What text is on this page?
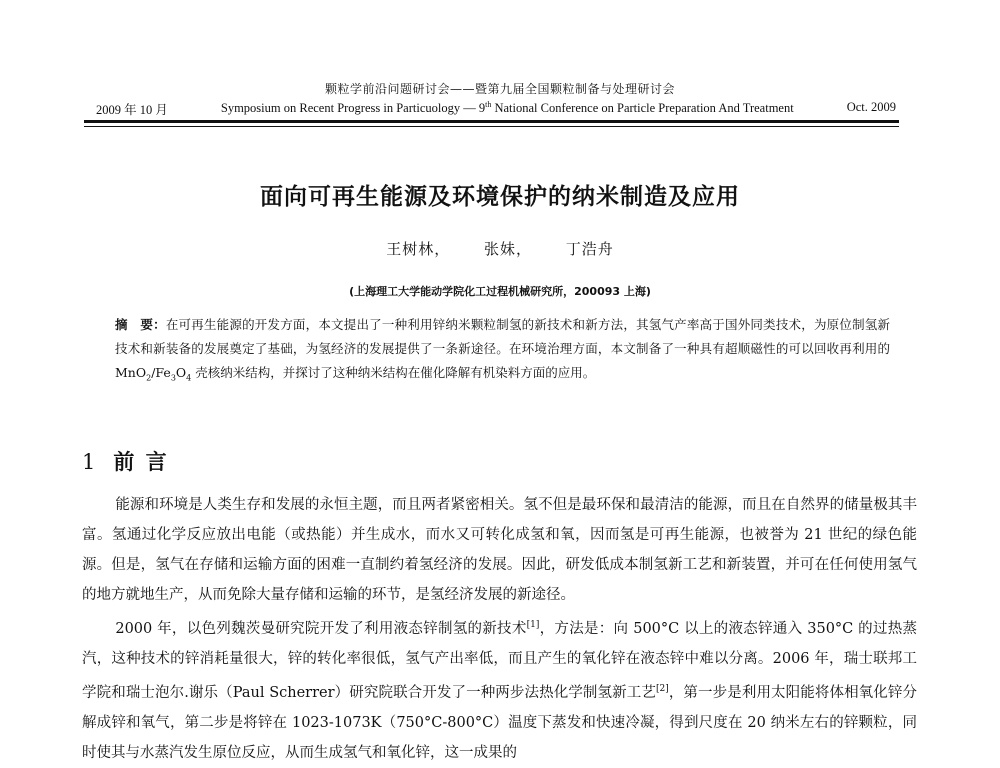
颗粒学前沿问题研讨会——暨第九届全国颗粒制备与处理研讨会
2009 年 10 月	Symposium on Recent Progress in Particuology — 9th National Conference on Particle Preparation And Treatment	Oct. 2009
面向可再生能源及环境保护的纳米制造及应用
王树林， 张妹， 丁浩舟
(上海理工大学能动学院化工过程机械研究所，200093 上海)

摘　要：在可再生能源的开发方面，本文提出了一种利用锌纳米颗粒制氢的新技术和新方法，其氢气产率高于国外同类技术，为原位制氢新技术和新装备的发展奠定了基础，为氢经济的发展提供了一条新途径。在环境治理方面，本文制备了一种具有超顺磁性的可以回收再利用的 $MnO_2/Fe_3O_4$ 壳核纳米结构，并探讨了这种纳米结构在催化降解有机染料方面的应用。

1 前 言

能源和环境是人类生存和发展的永恒主题，而且两者紧密相关。氢不但是最环保和最清洁的能源，而且在自然界的储量极其丰富。氢通过化学反应放出电能（或热能）并生成水，而水又可转化成氢和氧，因而氢是可再生能源，也被誉为 21 世纪的绿色能源。但是，氢气在存储和运输方面的困难一直制约着氢经济的发展。因此，研发低成本制氢新工艺和新装置，并可在任何使用氢气的地方就地生产，从而免除大量存储和运输的环节，是氢经济发展的新途径。

2000 年，以色列魏茨曼研究院开发了利用液态锌制氢的新技术[1]，方法是：向 500°C 以上的液态锌通入 350°C 的过热蒸汽，这种技术的锌消耗量很大，锌的转化率很低，氢气产出率低，而且产生的氧化锌在液态锌中难以分离。2006 年，瑞士联邦工学院和瑞士泡尔.谢乐（Paul Scherrer）研究院联合开发了一种两步法热化学制氢新工艺[2]，第一步是利用太阳能将体相氧化锌分解成锌和氧气，第二步是将锌在 1023-1073K（750°C-800°C）温度下蒸发和快速冷凝，得到尺度在 20 纳米左右的锌颗粒，同时使其与水蒸汽发生原位反应，从而生成氢气和氧化锌，这一成果的
